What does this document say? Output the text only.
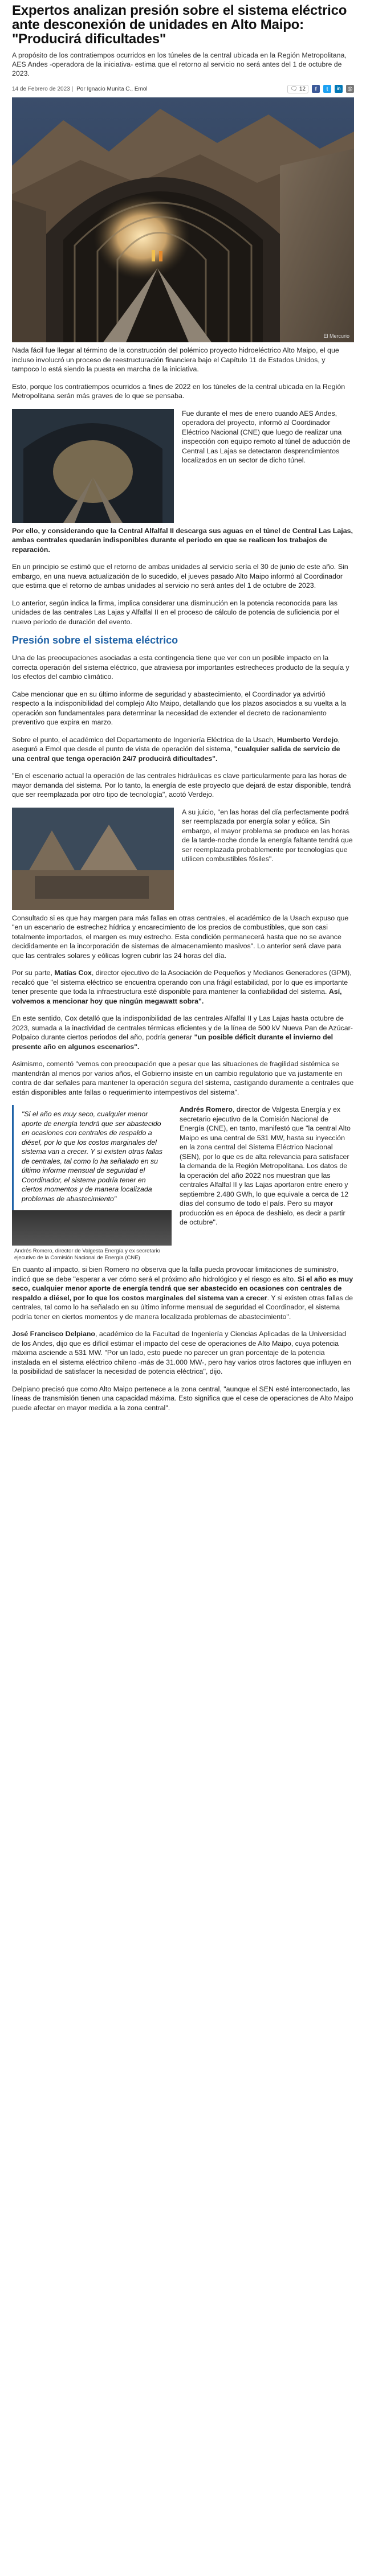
Expertos analizan presión sobre el sistema eléctrico ante desconexión de unidades en Alto Maipo: "Producirá dificultades"

A propósito de los contratiempos ocurridos en los túneles de la central ubicada en la Región Metropolitana, AES Andes -operadora de la iniciativa- estima que el retorno al servicio no será antes del 1 de octubre de 2023.

14 de Febrero de 2023 | Por Ignacio Munita C., Emol	🗨 12	f	t	in	@
El Mercurio

Nada fácil fue llegar al término de la construcción del polémico proyecto hidroeléctrico Alto Maipo, el que incluso involucró un proceso de reestructuración financiera bajo el Capítulo 11 de Estados Unidos, y tampoco lo está siendo la puesta en marcha de la iniciativa.

Esto, porque los contratiempos ocurridos a fines de 2022 en los túneles de la central ubicada en la Región Metropolitana serán más graves de lo que se pensaba.

Fue durante el mes de enero cuando AES Andes, operadora del proyecto, informó al Coordinador Eléctrico Nacional (CNE) que luego de realizar una inspección con equipo remoto al túnel de aducción de Central Las Lajas se detectaron desprendimientos localizados en un sector de dicho túnel.

Por ello, y considerando que la Central Alfalfal II descarga sus aguas en el túnel de Central Las Lajas, ambas centrales quedarán indisponibles durante el periodo en que se realicen los trabajos de reparación.

En un principio se estimó que el retorno de ambas unidades al servicio sería el 30 de junio de este año. Sin embargo, en una nueva actualización de lo sucedido, el jueves pasado Alto Maipo informó al Coordinador que estima que el retorno de ambas unidades al servicio no será antes del 1 de octubre de 2023.

Lo anterior, según indica la firma, implica considerar una disminución en la potencia reconocida para las unidades de las centrales Las Lajas y Alfalfal II en el proceso de cálculo de potencia de suficiencia por el nuevo periodo de duración del evento.

Presión sobre el sistema eléctrico

Una de las preocupaciones asociadas a esta contingencia tiene que ver con un posible impacto en la correcta operación del sistema eléctrico, que atraviesa por importantes estrecheces producto de la sequía y los efectos del cambio climático.

Cabe mencionar que en su último informe de seguridad y abastecimiento, el Coordinador ya advirtió respecto a la indisponibilidad del complejo Alto Maipo, detallando que los plazos asociados a su vuelta a la operación son fundamentales para determinar la necesidad de extender el decreto de racionamiento preventivo que expira en marzo.

Sobre el punto, el académico del Departamento de Ingeniería Eléctrica de la Usach, Humberto Verdejo, aseguró a Emol que desde el punto de vista de operación del sistema, "cualquier salida de servicio de una central que tenga operación 24/7 producirá dificultades".

"En el escenario actual la operación de las centrales hidráulicas es clave particularmente para las horas de mayor demanda del sistema. Por lo tanto, la energía de este proyecto que dejará de estar disponible, tendrá que ser reemplazada por otro tipo de tecnología", acotó Verdejo.

A su juicio, "en las horas del día perfectamente podrá ser reemplazada por energía solar y eólica. Sin embargo, el mayor problema se produce en las horas de la tarde-noche donde la energía faltante tendrá que ser reemplazada probablemente por tecnologías que utilicen combustibles fósiles".

Consultado si es que hay margen para más fallas en otras centrales, el académico de la Usach expuso que "en un escenario de estrechez hídrica y encarecimiento de los precios de combustibles, que son casi totalmente importados, el margen es muy estrecho. Esta condición permanecerá hasta que no se avance decididamente en la incorporación de sistemas de almacenamiento masivos". Lo anterior será clave para que las centrales solares y eólicas logren cubrir las 24 horas del día.

Por su parte, Matías Cox, director ejecutivo de la Asociación de Pequeños y Medianos Generadores (GPM), recalcó que "el sistema eléctrico se encuentra operando con una frágil estabilidad, por lo que es importante tener presente que toda la infraestructura esté disponible para mantener la confiabilidad del sistema. Así, volvemos a mencionar hoy que ningún megawatt sobra".

En este sentido, Cox detalló que la indisponibilidad de las centrales Alfalfal II y Las Lajas hasta octubre de 2023, sumada a la inactividad de centrales térmicas eficientes y de la línea de 500 kV Nueva Pan de Azúcar-Polpaico durante ciertos periodos del año, podría generar "un posible déficit durante el invierno del presente año en algunos escenarios".

Asimismo, comentó "vemos con preocupación que a pesar que las situaciones de fragilidad sistémica se mantendrán al menos por varios años, el Gobierno insiste en un cambio regulatorio que va justamente en contra de dar señales para mantener la operación segura del sistema, castigando duramente a centrales que están disponibles ante fallas o requerimiento intempestivos del sistema".

"Si el año es muy seco, cualquier menor aporte de energía tendrá que ser abastecido en ocasiones con centrales de respaldo a diésel, por lo que los costos marginales del sistema van a crecer. Y si existen otras fallas de centrales, tal como lo ha señalado en su último informe mensual de seguridad el Coordinador, el sistema podría tener en ciertos momentos y de manera localizada problemas de abastecimiento"
Andrés Romero, director de Valgesta Energía y ex secretario ejecutivo de la Comisión Nacional de Energía (CNE)

Andrés Romero, director de Valgesta Energía y ex secretario ejecutivo de la Comisión Nacional de Energía (CNE), en tanto, manifestó que "la central Alto Maipo es una central de 531 MW, hasta su inyección en la zona central del Sistema Eléctrico Nacional (SEN), por lo que es de alta relevancia para satisfacer la demanda de la Región Metropolitana. Los datos de la operación del año 2022 nos muestran que las centrales Alfalfal II y las Lajas aportaron entre enero y septiembre 2.480 GWh, lo que equivale a cerca de 12 días del consumo de todo el país. Pero su mayor producción es en época de deshielo, es decir a partir de octubre".

En cuanto al impacto, si bien Romero no observa que la falla pueda provocar limitaciones de suministro, indicó que se debe "esperar a ver cómo será el próximo año hidrológico y el riesgo es alto. Si el año es muy seco, cualquier menor aporte de energía tendrá que ser abastecido en ocasiones con centrales de respaldo a diésel, por lo que los costos marginales del sistema van a crecer. Y si existen otras fallas de centrales, tal como lo ha señalado en su último informe mensual de seguridad el Coordinador, el sistema podría tener en ciertos momentos y de manera localizada problemas de abastecimiento".

José Francisco Delpiano, académico de la Facultad de Ingeniería y Ciencias Aplicadas de la Universidad de los Andes, dijo que es difícil estimar el impacto del cese de operaciones de Alto Maipo, cuya potencia máxima asciende a 531 MW. "Por un lado, esto puede no parecer un gran porcentaje de la potencia instalada en el sistema eléctrico chileno -más de 31.000 MW-, pero hay varios otros factores que influyen en la posibilidad de satisfacer la necesidad de potencia eléctrica", dijo.

Delpiano precisó que como Alto Maipo pertenece a la zona central, "aunque el SEN esté interconectado, las líneas de transmisión tienen una capacidad máxima. Esto significa que el cese de operaciones de Alto Maipo puede afectar en mayor medida a la zona central".
